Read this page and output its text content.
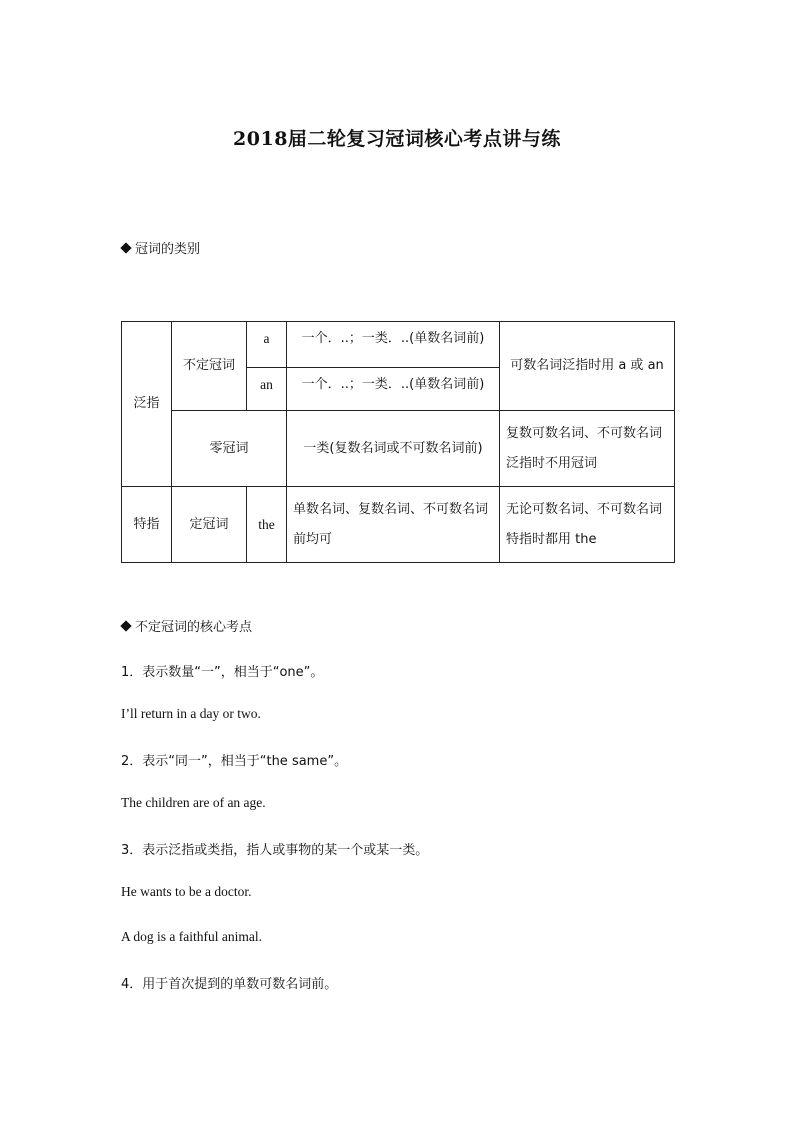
2018届二轮复习冠词核心考点讲与练
冠词的类别
泛指	不定冠词	a	一个．..；一类．..(单数名词前)	可数名词泛指时用 a 或 an
		an	一个．..；一类．..(单数名词前)	
	零冠词		一类(复数名词或不可数名词前)	复数可数名词、不可数名词泛指时不用冠词
特指	定冠词	the	单数名词、复数名词、不可数名词前均可	无论可数名词、不可数名词特指时都用 the
不定冠词的核心考点
1．表示数量“一”，相当于“one”。
I’ll return in a day or two.
2．表示“同一”，相当于“the same”。
The children are of an age.
3．表示泛指或类指，指人或事物的某一个或某一类。
He wants to be a doctor.
A dog is a faithful animal.
4．用于首次提到的单数可数名词前。
